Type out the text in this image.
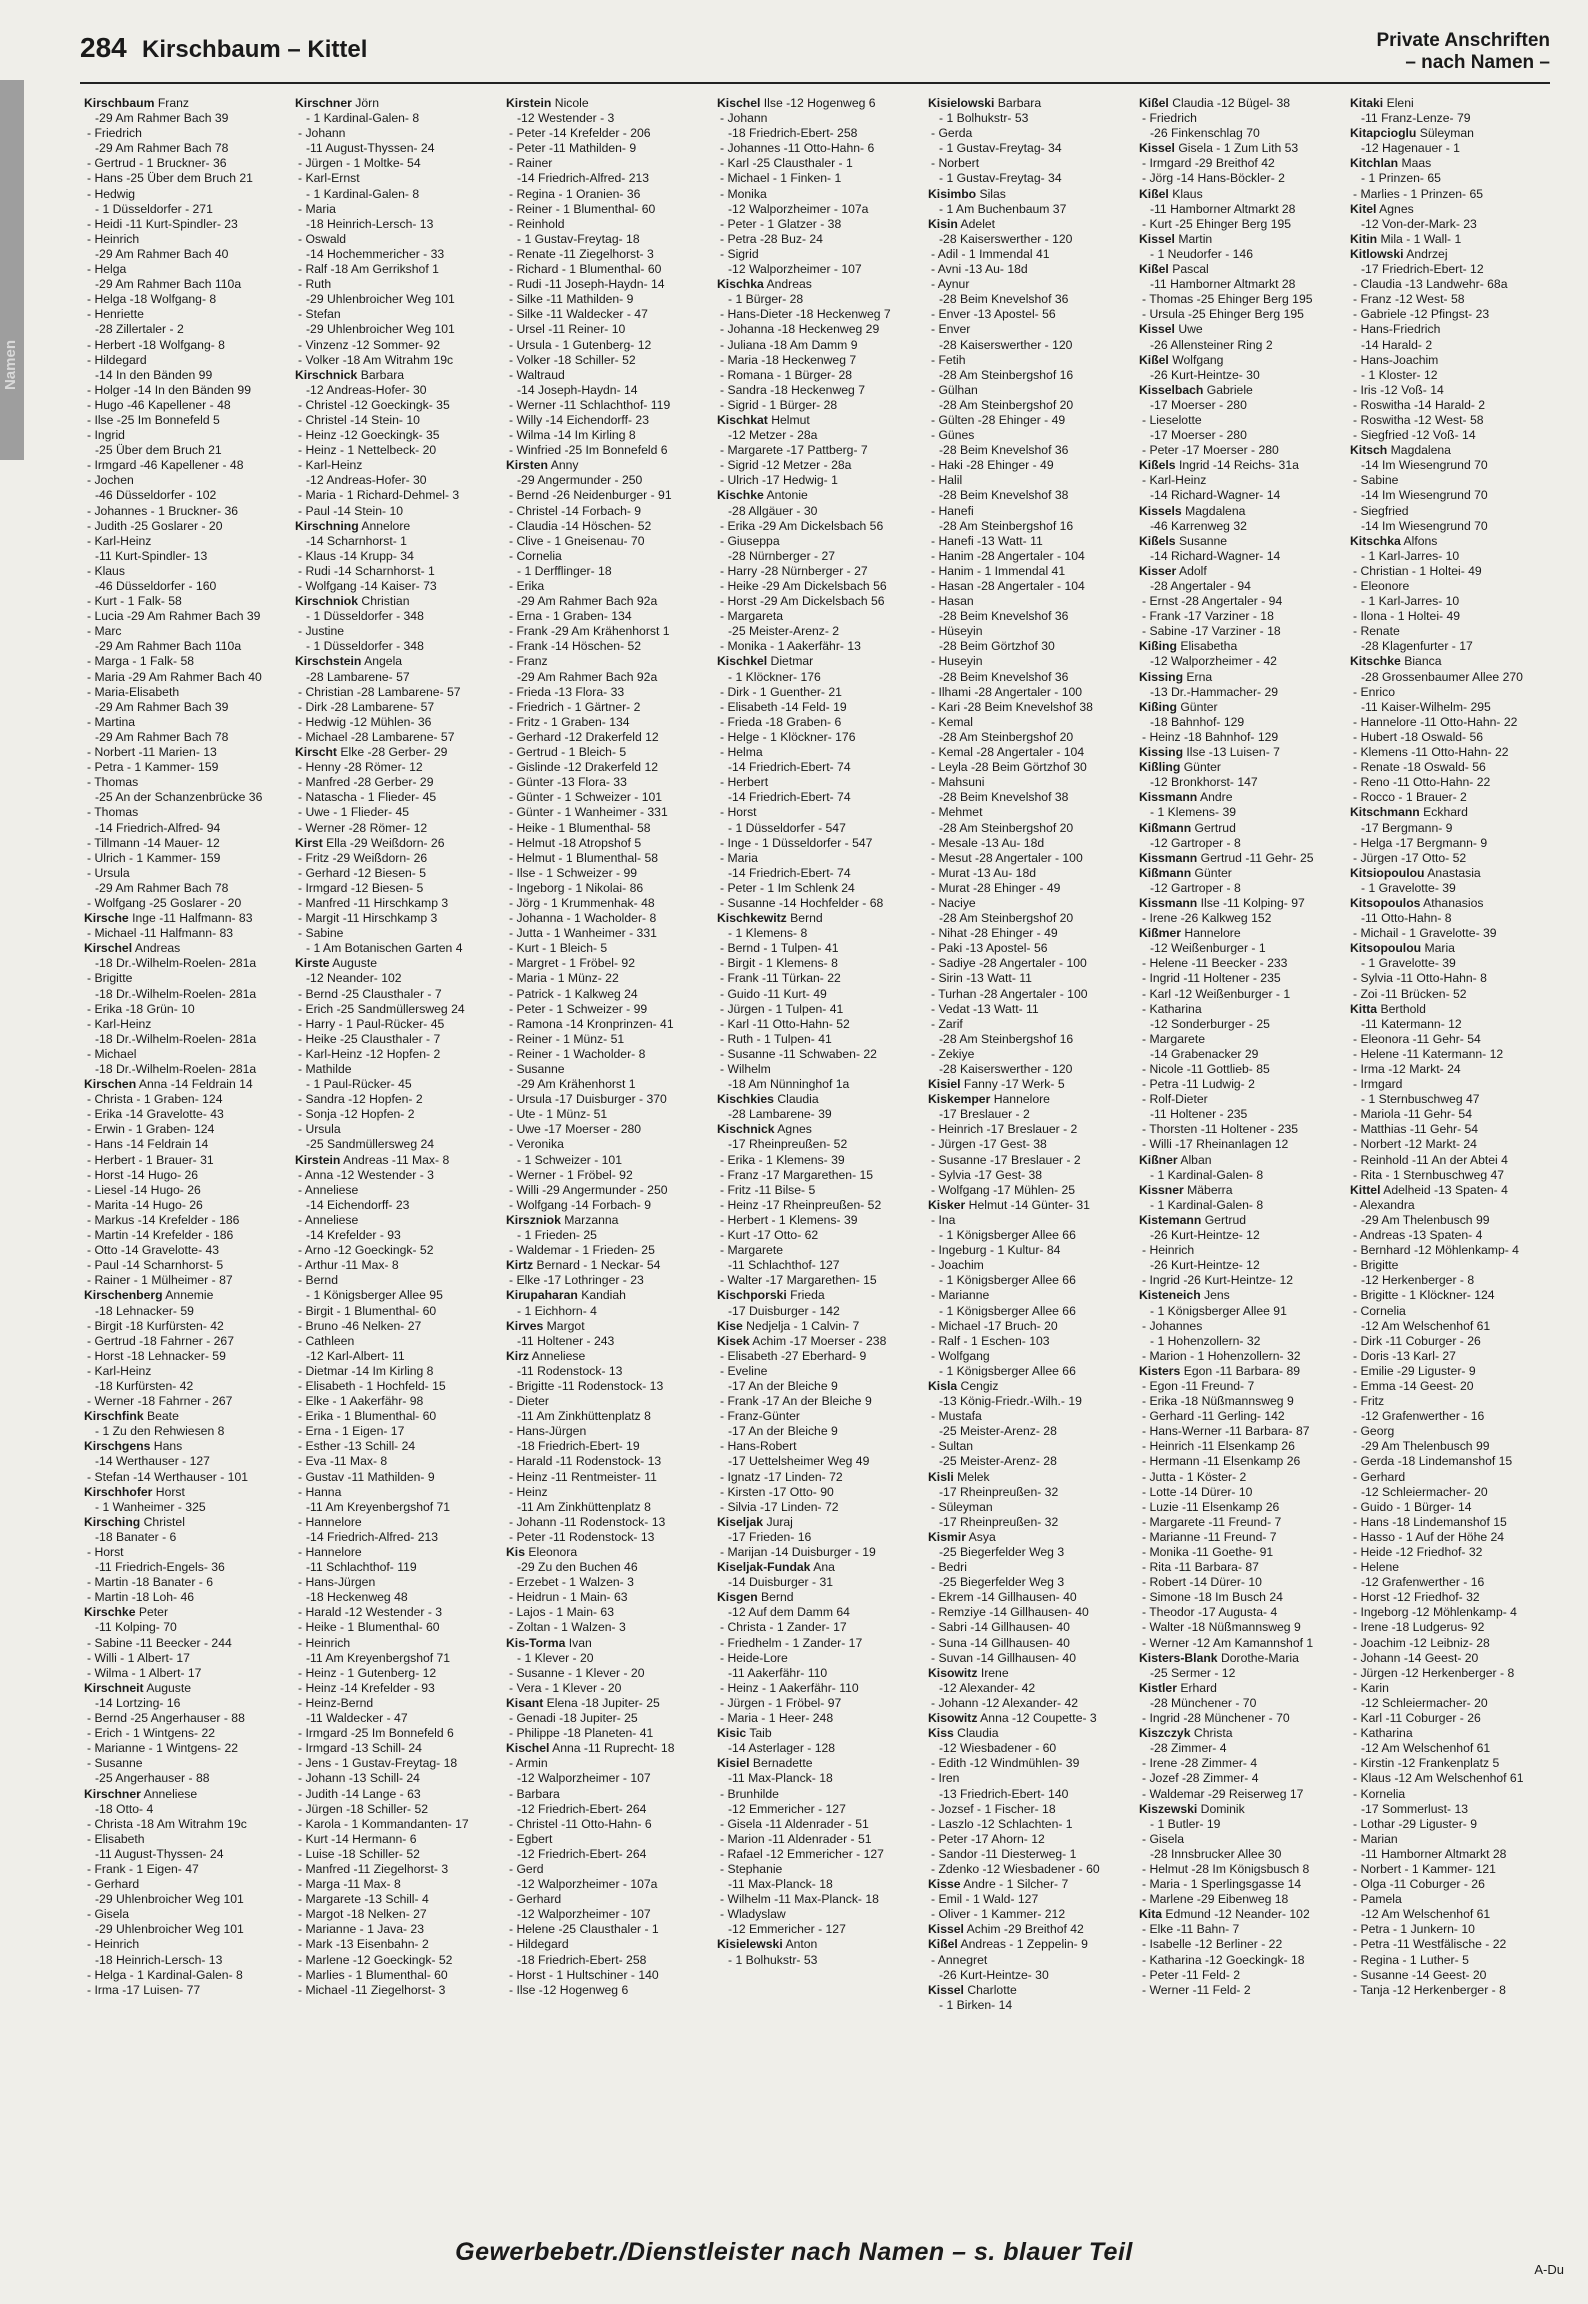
Namen
284 Kirschbaum – Kittel	Private Anschriften
– nach Namen –
Kirschbaum Franz
-29 Am Rahmer Bach 39
- Friedrich
-29 Am Rahmer Bach 78
- Gertrud - 1 Bruckner- 36
- Hans -25 Über dem Bruch 21
- Hedwig
- 1 Düsseldorfer - 271
- Heidi -11 Kurt-Spindler- 23
- Heinrich
-29 Am Rahmer Bach 40
- Helga
-29 Am Rahmer Bach 110a
- Helga -18 Wolfgang- 8
- Henriette
-28 Zillertaler - 2
- Herbert -18 Wolfgang- 8
- Hildegard
-14 In den Bänden 99
- Holger -14 In den Bänden 99
- Hugo -46 Kapellener - 48
- Ilse -25 Im Bonnefeld 5
- Ingrid
-25 Über dem Bruch 21
- Irmgard -46 Kapellener - 48
- Jochen
-46 Düsseldorfer - 102
- Johannes - 1 Bruckner- 36
- Judith -25 Goslarer - 20
- Karl-Heinz
-11 Kurt-Spindler- 13
- Klaus
-46 Düsseldorfer - 160
- Kurt - 1 Falk- 58
- Lucia -29 Am Rahmer Bach 39
- Marc
-29 Am Rahmer Bach 110a
- Marga - 1 Falk- 58
- Maria -29 Am Rahmer Bach 40
- Maria-Elisabeth
-29 Am Rahmer Bach 39
- Martina
-29 Am Rahmer Bach 78
- Norbert -11 Marien- 13
- Petra - 1 Kammer- 159
- Thomas
-25 An der Schanzenbrücke 36
- Thomas
-14 Friedrich-Alfred- 94
- Tillmann -14 Mauer- 12
- Ulrich - 1 Kammer- 159
- Ursula
-29 Am Rahmer Bach 78
- Wolfgang -25 Goslarer - 20
Kirsche Inge -11 Halfmann- 83
- Michael -11 Halfmann- 83
Kirschel Andreas
-18 Dr.-Wilhelm-Roelen- 281a
- Brigitte
-18 Dr.-Wilhelm-Roelen- 281a
- Erika -18 Grün- 10
- Karl-Heinz
-18 Dr.-Wilhelm-Roelen- 281a
- Michael
-18 Dr.-Wilhelm-Roelen- 281a
Kirschen Anna -14 Feldrain 14
- Christa - 1 Graben- 124
- Erika -14 Gravelotte- 43
- Erwin - 1 Graben- 124
- Hans -14 Feldrain 14
- Herbert - 1 Brauer- 31
- Horst -14 Hugo- 26
- Liesel -14 Hugo- 26
- Marita -14 Hugo- 26
- Markus -14 Krefelder - 186
- Martin -14 Krefelder - 186
- Otto -14 Gravelotte- 43
- Paul -14 Scharnhorst- 5
- Rainer - 1 Mülheimer - 87
Kirschenberg Annemie
-18 Lehnacker- 59
- Birgit -18 Kurfürsten- 42
- Gertrud -18 Fahrner - 267
- Horst -18 Lehnacker- 59
- Karl-Heinz
-18 Kurfürsten- 42
- Werner -18 Fahrner - 267
Kirschfink Beate
- 1 Zu den Rehwiesen 8
Kirschgens Hans
-14 Werthauser - 127
- Stefan -14 Werthauser - 101
Kirschhofer Horst
- 1 Wanheimer - 325
Kirsching Christel
-18 Banater - 6
- Horst
-11 Friedrich-Engels- 36
- Martin -18 Banater - 6
- Martin -18 Loh- 46
Kirschke Peter
-11 Kolping- 70
- Sabine -11 Beecker - 244
- Willi - 1 Albert- 17
- Wilma - 1 Albert- 17
Kirschneit Auguste
-14 Lortzing- 16
- Bernd -25 Angerhauser - 88
- Erich - 1 Wintgens- 22
- Marianne - 1 Wintgens- 22
- Susanne
-25 Angerhauser - 88
Kirschner Anneliese
-18 Otto- 4
- Christa -18 Am Witrahm 19c
- Elisabeth
-11 August-Thyssen- 24
- Frank - 1 Eigen- 47
- Gerhard
-29 Uhlenbroicher Weg 101
- Gisela
-29 Uhlenbroicher Weg 101
- Heinrich
-18 Heinrich-Lersch- 13
- Helga - 1 Kardinal-Galen- 8
- Irma -17 Luisen- 77
Kirschner Jörn
- 1 Kardinal-Galen- 8
- Johann
-11 August-Thyssen- 24
- Jürgen - 1 Moltke- 54
- Karl-Ernst
- 1 Kardinal-Galen- 8
- Maria
-18 Heinrich-Lersch- 13
- Oswald
-14 Hochemmericher - 33
- Ralf -18 Am Gerrikshof 1
- Ruth
-29 Uhlenbroicher Weg 101
- Stefan
-29 Uhlenbroicher Weg 101
- Vinzenz -12 Sommer- 92
- Volker -18 Am Witrahm 19c
Kirschnick Barbara
-12 Andreas-Hofer- 30
- Christel -12 Goeckingk- 35
- Christel -14 Stein- 10
- Heinz -12 Goeckingk- 35
- Heinz - 1 Nettelbeck- 20
- Karl-Heinz
-12 Andreas-Hofer- 30
- Maria - 1 Richard-Dehmel- 3
- Paul -14 Stein- 10
Kirschning Annelore
-14 Scharnhorst- 1
- Klaus -14 Krupp- 34
- Rudi -14 Scharnhorst- 1
- Wolfgang -14 Kaiser- 73
Kirschniok Christian
- 1 Düsseldorfer - 348
- Justine
- 1 Düsseldorfer - 348
Kirschstein Angela
-28 Lambarene- 57
- Christian -28 Lambarene- 57
- Dirk -28 Lambarene- 57
- Hedwig -12 Mühlen- 36
- Michael -28 Lambarene- 57
Kirscht Elke -28 Gerber- 29
- Henny -28 Römer- 12
- Manfred -28 Gerber- 29
- Natascha - 1 Flieder- 45
- Uwe - 1 Flieder- 45
- Werner -28 Römer- 12
Kirst Ella -29 Weißdorn- 26
- Fritz -29 Weißdorn- 26
- Gerhard -12 Biesen- 5
- Irmgard -12 Biesen- 5
- Manfred -11 Hirschkamp 3
- Margit -11 Hirschkamp 3
- Sabine
- 1 Am Botanischen Garten 4
Kirste Auguste
-12 Neander- 102
- Bernd -25 Clausthaler - 7
- Erich -25 Sandmüllersweg 24
- Harry - 1 Paul-Rücker- 45
- Heike -25 Clausthaler - 7
- Karl-Heinz -12 Hopfen- 2
- Mathilde
- 1 Paul-Rücker- 45
- Sandra -12 Hopfen- 2
- Sonja -12 Hopfen- 2
- Ursula
-25 Sandmüllersweg 24
Kirstein Andreas -11 Max- 8
- Anna -12 Westender - 3
- Anneliese
-14 Eichendorff- 23
- Anneliese
-14 Krefelder - 93
- Arno -12 Goeckingk- 52
- Arthur -11 Max- 8
- Bernd
- 1 Königsberger Allee 95
- Birgit - 1 Blumenthal- 60
- Bruno -46 Nelken- 27
- Cathleen
-12 Karl-Albert- 11
- Dietmar -14 Im Kirling 8
- Elisabeth - 1 Hochfeld- 15
- Elke - 1 Aakerfähr- 98
- Erika - 1 Blumenthal- 60
- Erna - 1 Eigen- 17
- Esther -13 Schill- 24
- Eva -11 Max- 8
- Gustav -11 Mathilden- 9
- Hanna
-11 Am Kreyenbergshof 71
- Hannelore
-14 Friedrich-Alfred- 213
- Hannelore
-11 Schlachthof- 119
- Hans-Jürgen
-18 Heckenweg 48
- Harald -12 Westender - 3
- Heike - 1 Blumenthal- 60
- Heinrich
-11 Am Kreyenbergshof 71
- Heinz - 1 Gutenberg- 12
- Heinz -14 Krefelder - 93
- Heinz-Bernd
-11 Waldecker - 47
- Irmgard -25 Im Bonnefeld 6
- Irmgard -13 Schill- 24
- Jens - 1 Gustav-Freytag- 18
- Johann -13 Schill- 24
- Judith -14 Lange - 63
- Jürgen -18 Schiller- 52
- Karola - 1 Kommandanten- 17
- Kurt -14 Hermann- 6
- Luise -18 Schiller- 52
- Manfred -11 Ziegelhorst- 3
- Marga -11 Max- 8
- Margarete -13 Schill- 4
- Margot -18 Nelken- 27
- Marianne - 1 Java- 23
- Mark -13 Eisenbahn- 2
- Marlene -12 Goeckingk- 52
- Marlies - 1 Blumenthal- 60
- Michael -11 Ziegelhorst- 3
Kirstein Nicole
-12 Westender - 3
- Peter -14 Krefelder - 206
- Peter -11 Mathilden- 9
- Rainer
-14 Friedrich-Alfred- 213
- Regina - 1 Oranien- 36
- Reiner - 1 Blumenthal- 60
- Reinhold
- 1 Gustav-Freytag- 18
- Renate -11 Ziegelhorst- 3
- Richard - 1 Blumenthal- 60
- Rudi -11 Joseph-Haydn- 14
- Silke -11 Mathilden- 9
- Silke -11 Waldecker - 47
- Ursel -11 Reiner- 10
- Ursula - 1 Gutenberg- 12
- Volker -18 Schiller- 52
- Waltraud
-14 Joseph-Haydn- 14
- Werner -11 Schlachthof- 119
- Willy -14 Eichendorff- 23
- Wilma -14 Im Kirling 8
- Winfried -25 Im Bonnefeld 6
Kirsten Anny
-29 Angermunder - 250
- Bernd -26 Neidenburger - 91
- Christel -14 Forbach- 9
- Claudia -14 Höschen- 52
- Clive - 1 Gneisenau- 70
- Cornelia
- 1 Derfflinger- 18
- Erika
-29 Am Rahmer Bach 92a
- Erna - 1 Graben- 134
- Frank -29 Am Krähenhorst 1
- Frank -14 Höschen- 52
- Franz
-29 Am Rahmer Bach 92a
- Frieda -13 Flora- 33
- Friedrich - 1 Gärtner- 2
- Fritz - 1 Graben- 134
- Gerhard -12 Drakerfeld 12
- Gertrud - 1 Bleich- 5
- Gislinde -12 Drakerfeld 12
- Günter -13 Flora- 33
- Günter - 1 Schweizer - 101
- Günter - 1 Wanheimer - 331
- Heike - 1 Blumenthal- 58
- Helmut -18 Atropshof 5
- Helmut - 1 Blumenthal- 58
- Ilse - 1 Schweizer - 99
- Ingeborg - 1 Nikolai- 86
- Jörg - 1 Krummenhak- 48
- Johanna - 1 Wacholder- 8
- Jutta - 1 Wanheimer - 331
- Kurt - 1 Bleich- 5
- Margret - 1 Fröbel- 92
- Maria - 1 Münz- 22
- Patrick - 1 Kalkweg 24
- Peter - 1 Schweizer - 99
- Ramona -14 Kronprinzen- 41
- Reiner - 1 Münz- 51
- Reiner - 1 Wacholder- 8
- Susanne
-29 Am Krähenhorst 1
- Ursula -17 Duisburger - 370
- Ute - 1 Münz- 51
- Uwe -17 Moerser - 280
- Veronika
- 1 Schweizer - 101
- Werner - 1 Fröbel- 92
- Willi -29 Angermunder - 250
- Wolfgang -14 Forbach- 9
Kirszniok Marzanna
- 1 Frieden- 25
- Waldemar - 1 Frieden- 25
Kirtz Bernard - 1 Neckar- 54
- Elke -17 Lothringer - 23
Kirupaharan Kandiah
- 1 Eichhorn- 4
Kirves Margot
-11 Holtener - 243
Kirz Anneliese
-11 Rodenstock- 13
- Brigitte -11 Rodenstock- 13
- Dieter
-11 Am Zinkhüttenplatz 8
- Hans-Jürgen
-18 Friedrich-Ebert- 19
- Harald -11 Rodenstock- 13
- Heinz -11 Rentmeister- 11
- Heinz
-11 Am Zinkhüttenplatz 8
- Johann -11 Rodenstock- 13
- Peter -11 Rodenstock- 13
Kis Eleonora
-29 Zu den Buchen 46
- Erzebet - 1 Walzen- 3
- Heidrun - 1 Main- 63
- Lajos - 1 Main- 63
- Zoltan - 1 Walzen- 3
Kis-Torma Ivan
- 1 Klever - 20
- Susanne - 1 Klever - 20
- Vera - 1 Klever - 20
Kisant Elena -18 Jupiter- 25
- Genadi -18 Jupiter- 25
- Philippe -18 Planeten- 41
Kischel Anna -11 Ruprecht- 18
- Armin
-12 Walporzheimer - 107
- Barbara
-12 Friedrich-Ebert- 264
- Christel -11 Otto-Hahn- 6
- Egbert
-12 Friedrich-Ebert- 264
- Gerd
-12 Walporzheimer - 107a
- Gerhard
-12 Walporzheimer - 107
- Helene -25 Clausthaler - 1
- Hildegard
-18 Friedrich-Ebert- 258
- Horst - 1 Hultschiner - 140
- Ilse -12 Hogenweg 6
Kischel Ilse -12 Hogenweg 6
- Johann
-18 Friedrich-Ebert- 258
- Johannes -11 Otto-Hahn- 6
- Karl -25 Clausthaler - 1
- Michael - 1 Finken- 1
- Monika
-12 Walporzheimer - 107a
- Peter - 1 Glatzer - 38
- Petra -28 Buz- 24
- Sigrid
-12 Walporzheimer - 107
Kischka Andreas
- 1 Bürger- 28
- Hans-Dieter -18 Heckenweg 7
- Johanna -18 Heckenweg 29
- Juliana -18 Am Damm 9
- Maria -18 Heckenweg 7
- Romana - 1 Bürger- 28
- Sandra -18 Heckenweg 7
- Sigrid - 1 Bürger- 28
Kischkat Helmut
-12 Metzer - 28a
- Margarete -17 Pattberg- 7
- Sigrid -12 Metzer - 28a
- Ulrich -17 Hedwig- 1
Kischke Antonie
-28 Allgäuer - 30
- Erika -29 Am Dickelsbach 56
- Giuseppa
-28 Nürnberger - 27
- Harry -28 Nürnberger - 27
- Heike -29 Am Dickelsbach 56
- Horst -29 Am Dickelsbach 56
- Margareta
-25 Meister-Arenz- 2
- Monika - 1 Aakerfähr- 13
Kischkel Dietmar
- 1 Klöckner- 176
- Dirk - 1 Guenther- 21
- Elisabeth -14 Feld- 19
- Frieda -18 Graben- 6
- Helge - 1 Klöckner- 176
- Helma
-14 Friedrich-Ebert- 74
- Herbert
-14 Friedrich-Ebert- 74
- Horst
- 1 Düsseldorfer - 547
- Inge - 1 Düsseldorfer - 547
- Maria
-14 Friedrich-Ebert- 74
- Peter - 1 Im Schlenk 24
- Susanne -14 Hochfelder - 68
Kischkewitz Bernd
- 1 Klemens- 8
- Bernd - 1 Tulpen- 41
- Birgit - 1 Klemens- 8
- Frank -11 Türkan- 22
- Guido -11 Kurt- 49
- Jürgen - 1 Tulpen- 41
- Karl -11 Otto-Hahn- 52
- Ruth - 1 Tulpen- 41
- Susanne -11 Schwaben- 22
- Wilhelm
-18 Am Nünninghof 1a
Kischkies Claudia
-28 Lambarene- 39
Kischnick Agnes
-17 Rheinpreußen- 52
- Erika - 1 Klemens- 39
- Franz -17 Margarethen- 15
- Fritz -11 Bilse- 5
- Heinz -17 Rheinpreußen- 52
- Herbert - 1 Klemens- 39
- Kurt -17 Otto- 62
- Margarete
-11 Schlachthof- 127
- Walter -17 Margarethen- 15
Kischporski Frieda
-17 Duisburger - 142
Kise Nedjelja - 1 Calvin- 7
Kisek Achim -17 Moerser - 238
- Elisabeth -27 Eberhard- 9
- Eveline
-17 An der Bleiche 9
- Frank -17 An der Bleiche 9
- Franz-Günter
-17 An der Bleiche 9
- Hans-Robert
-17 Uettelsheimer Weg 49
- Ignatz -17 Linden- 72
- Kirsten -17 Otto- 90
- Silvia -17 Linden- 72
Kiseljak Juraj
-17 Frieden- 16
- Marijan -14 Duisburger - 19
Kiseljak-Fundak Ana
-14 Duisburger - 31
Kisgen Bernd
-12 Auf dem Damm 64
- Christa - 1 Zander- 17
- Friedhelm - 1 Zander- 17
- Heide-Lore
-11 Aakerfähr- 110
- Heinz - 1 Aakerfähr- 110
- Jürgen - 1 Fröbel- 97
- Maria - 1 Heer- 248
Kisic Taib
-14 Asterlager - 128
Kisiel Bernadette
-11 Max-Planck- 18
- Brunhilde
-12 Emmericher - 127
- Gisela -11 Aldenrader - 51
- Marion -11 Aldenrader - 51
- Rafael -12 Emmericher - 127
- Stephanie
-11 Max-Planck- 18
- Wilhelm -11 Max-Planck- 18
- Wladyslaw
-12 Emmericher - 127
Kisielewski Anton
- 1 Bolhukstr- 53
Kisielowski Barbara
- 1 Bolhukstr- 53
- Gerda
- 1 Gustav-Freytag- 34
- Norbert
- 1 Gustav-Freytag- 34
Kisimbo Silas
- 1 Am Buchenbaum 37
Kisin Adelet
-28 Kaiserswerther - 120
- Adil - 1 Immendal 41
- Avni -13 Au- 18d
- Aynur
-28 Beim Knevelshof 36
- Enver -13 Apostel- 56
- Enver
-28 Kaiserswerther - 120
- Fetih
-28 Am Steinbergshof 16
- Gülhan
-28 Am Steinbergshof 20
- Gülten -28 Ehinger - 49
- Günes
-28 Beim Knevelshof 36
- Haki -28 Ehinger - 49
- Halil
-28 Beim Knevelshof 38
- Hanefi
-28 Am Steinbergshof 16
- Hanefi -13 Watt- 11
- Hanim -28 Angertaler - 104
- Hanim - 1 Immendal 41
- Hasan -28 Angertaler - 104
- Hasan
-28 Beim Knevelshof 36
- Hüseyin
-28 Beim Görtzhof 30
- Huseyin
-28 Beim Knevelshof 36
- Ilhami -28 Angertaler - 100
- Kari -28 Beim Knevelshof 38
- Kemal
-28 Am Steinbergshof 20
- Kemal -28 Angertaler - 104
- Leyla -28 Beim Görtzhof 30
- Mahsuni
-28 Beim Knevelshof 38
- Mehmet
-28 Am Steinbergshof 20
- Mesale -13 Au- 18d
- Mesut -28 Angertaler - 100
- Murat -13 Au- 18d
- Murat -28 Ehinger - 49
- Naciye
-28 Am Steinbergshof 20
- Nihat -28 Ehinger - 49
- Paki -13 Apostel- 56
- Sadiye -28 Angertaler - 100
- Sirin -13 Watt- 11
- Turhan -28 Angertaler - 100
- Vedat -13 Watt- 11
- Zarif
-28 Am Steinbergshof 16
- Zekiye
-28 Kaiserswerther - 120
Kisiel Fanny -17 Werk- 5
Kiskemper Hannelore
-17 Breslauer - 2
- Heinrich -17 Breslauer - 2
- Jürgen -17 Gest- 38
- Susanne -17 Breslauer - 2
- Sylvia -17 Gest- 38
- Wolfgang -17 Mühlen- 25
Kisker Helmut -14 Günter- 31
- Ina
- 1 Königsberger Allee 66
- Ingeburg - 1 Kultur- 84
- Joachim
- 1 Königsberger Allee 66
- Marianne
- 1 Königsberger Allee 66
- Michael -17 Bruch- 20
- Ralf - 1 Eschen- 103
- Wolfgang
- 1 Königsberger Allee 66
Kisla Cengiz
-13 König-Friedr.-Wilh.- 19
- Mustafa
-25 Meister-Arenz- 28
- Sultan
-25 Meister-Arenz- 28
Kisli Melek
-17 Rheinpreußen- 32
- Süleyman
-17 Rheinpreußen- 32
Kismir Asya
-25 Biegerfelder Weg 3
- Bedri
-25 Biegerfelder Weg 3
- Ekrem -14 Gillhausen- 40
- Remziye -14 Gillhausen- 40
- Sabri -14 Gillhausen- 40
- Suna -14 Gillhausen- 40
- Suvan -14 Gillhausen- 40
Kisowitz Irene
-12 Alexander- 42
- Johann -12 Alexander- 42
Kisowitz Anna -12 Coupette- 3
Kiss Claudia
-12 Wiesbadener - 60
- Edith -12 Windmühlen- 39
- Iren
-13 Friedrich-Ebert- 140
- Jozsef - 1 Fischer- 18
- Laszlo -12 Schlachten- 1
- Peter -17 Ahorn- 12
- Sandor -11 Diesterweg- 1
- Zdenko -12 Wiesbadener - 60
Kisse Andre - 1 Silcher- 7
- Emil - 1 Wald- 127
- Oliver - 1 Kammer- 212
Kissel Achim -29 Breithof 42
Kißel Andreas - 1 Zeppelin- 9
- Annegret
-26 Kurt-Heintze- 30
Kissel Charlotte
- 1 Birken- 14
Kißel Claudia -12 Bügel- 38
- Friedrich
-26 Finkenschlag 70
Kissel Gisela - 1 Zum Lith 53
- Irmgard -29 Breithof 42
- Jörg -14 Hans-Böckler- 2
Kißel Klaus
-11 Hamborner Altmarkt 28
- Kurt -25 Ehinger Berg 195
Kissel Martin
- 1 Neudorfer - 146
Kißel Pascal
-11 Hamborner Altmarkt 28
- Thomas -25 Ehinger Berg 195
- Ursula -25 Ehinger Berg 195
Kissel Uwe
-26 Allensteiner Ring 2
Kißel Wolfgang
-26 Kurt-Heintze- 30
Kisselbach Gabriele
-17 Moerser - 280
- Lieselotte
-17 Moerser - 280
- Peter -17 Moerser - 280
Kißels Ingrid -14 Reichs- 31a
- Karl-Heinz
-14 Richard-Wagner- 14
Kissels Magdalena
-46 Karrenweg 32
Kißels Susanne
-14 Richard-Wagner- 14
Kisser Adolf
-28 Angertaler - 94
- Ernst -28 Angertaler - 94
- Frank -17 Varziner - 18
- Sabine -17 Varziner - 18
Kißing Elisabetha
-12 Walporzheimer - 42
Kissing Erna
-13 Dr.-Hammacher- 29
Kißing Günter
-18 Bahnhof- 129
- Heinz -18 Bahnhof- 129
Kissing Ilse -13 Luisen- 7
Kißling Günter
-12 Bronkhorst- 147
Kissmann Andre
- 1 Klemens- 39
Kißmann Gertrud
-12 Gartroper - 8
Kissmann Gertrud -11 Gehr- 25
Kißmann Günter
-12 Gartroper - 8
Kissmann Ilse -11 Kolping- 97
- Irene -26 Kalkweg 152
Kißmer Hannelore
-12 Weißenburger - 1
- Helene -11 Beecker - 233
- Ingrid -11 Holtener - 235
- Karl -12 Weißenburger - 1
- Katharina
-12 Sonderburger - 25
- Margarete
-14 Grabenacker 29
- Nicole -11 Gottlieb- 85
- Petra -11 Ludwig- 2
- Rolf-Dieter
-11 Holtener - 235
- Thorsten -11 Holtener - 235
- Willi -17 Rheinanlagen 12
Kißner Alban
- 1 Kardinal-Galen- 8
Kissner Mäberra
- 1 Kardinal-Galen- 8
Kistemann Gertrud
-26 Kurt-Heintze- 12
- Heinrich
-26 Kurt-Heintze- 12
- Ingrid -26 Kurt-Heintze- 12
Kisteneich Jens
- 1 Königsberger Allee 91
- Johannes
- 1 Hohenzollern- 32
- Marion - 1 Hohenzollern- 32
Kisters Egon -11 Barbara- 89
- Egon -11 Freund- 7
- Erika -18 Nüßmannsweg 9
- Gerhard -11 Gerling- 142
- Hans-Werner -11 Barbara- 87
- Heinrich -11 Elsenkamp 26
- Hermann -11 Elsenkamp 26
- Jutta - 1 Köster- 2
- Lotte -14 Dürer- 10
- Luzie -11 Elsenkamp 26
- Margarete -11 Freund- 7
- Marianne -11 Freund- 7
- Monika -11 Goethe- 91
- Rita -11 Barbara- 87
- Robert -14 Dürer- 10
- Simone -18 Im Busch 24
- Theodor -17 Augusta- 4
- Walter -18 Nüßmannsweg 9
- Werner -12 Am Kamannshof 1
Kisters-Blank Dorothe-Maria
-25 Sermer - 12
Kistler Erhard
-28 Münchener - 70
- Ingrid -28 Münchener - 70
Kiszczyk Christa
-28 Zimmer- 4
- Irene -28 Zimmer- 4
- Jozef -28 Zimmer- 4
- Waldemar -29 Reiserweg 17
Kiszewski Dominik
- 1 Butler- 19
- Gisela
-28 Innsbrucker Allee 30
- Helmut -28 Im Königsbusch 8
- Maria - 1 Sperlingsgasse 14
- Marlene -29 Eibenweg 18
Kita Edmund -12 Neander- 102
- Elke -11 Bahn- 7
- Isabelle -12 Berliner - 22
- Katharina -12 Goeckingk- 18
- Peter -11 Feld- 2
- Werner -11 Feld- 2
Kitaki Eleni
-11 Franz-Lenze- 79
Kitapcioglu Süleyman
-12 Hagenauer - 1
Kitchlan Maas
- 1 Prinzen- 65
- Marlies - 1 Prinzen- 65
Kitel Agnes
-12 Von-der-Mark- 23
Kitin Mila - 1 Wall- 1
Kitlowski Andrzej
-17 Friedrich-Ebert- 12
- Claudia -13 Landwehr- 68a
- Franz -12 West- 58
- Gabriele -12 Pfingst- 23
- Hans-Friedrich
-14 Harald- 2
- Hans-Joachim
- 1 Kloster- 12
- Iris -12 Voß- 14
- Roswitha -14 Harald- 2
- Roswitha -12 West- 58
- Siegfried -12 Voß- 14
Kitsch Magdalena
-14 Im Wiesengrund 70
- Sabine
-14 Im Wiesengrund 70
- Siegfried
-14 Im Wiesengrund 70
Kitschka Alfons
- 1 Karl-Jarres- 10
- Christian - 1 Holtei- 49
- Eleonore
- 1 Karl-Jarres- 10
- Ilona - 1 Holtei- 49
- Renate
-28 Klagenfurter - 17
Kitschke Bianca
-28 Grossenbaumer Allee 270
- Enrico
-11 Kaiser-Wilhelm- 295
- Hannelore -11 Otto-Hahn- 22
- Hubert -18 Oswald- 56
- Klemens -11 Otto-Hahn- 22
- Renate -18 Oswald- 56
- Reno -11 Otto-Hahn- 22
- Rocco - 1 Brauer- 2
Kitschmann Eckhard
-17 Bergmann- 9
- Helga -17 Bergmann- 9
- Jürgen -17 Otto- 52
Kitsiopoulou Anastasia
- 1 Gravelotte- 39
Kitsopoulos Athanasios
-11 Otto-Hahn- 8
- Michail - 1 Gravelotte- 39
Kitsopoulou Maria
- 1 Gravelotte- 39
- Sylvia -11 Otto-Hahn- 8
- Zoi -11 Brücken- 52
Kitta Berthold
-11 Katermann- 12
- Eleonora -11 Gehr- 54
- Helene -11 Katermann- 12
- Irma -12 Markt- 24
- Irmgard
- 1 Sternbuschweg 47
- Mariola -11 Gehr- 54
- Matthias -11 Gehr- 54
- Norbert -12 Markt- 24
- Reinhold -11 An der Abtei 4
- Rita - 1 Sternbuschweg 47
Kittel Adelheid -13 Spaten- 4
- Alexandra
-29 Am Thelenbusch 99
- Andreas -13 Spaten- 4
- Bernhard -12 Möhlenkamp- 4
- Brigitte
-12 Herkenberger - 8
- Brigitte - 1 Klöckner- 124
- Cornelia
-12 Am Welschenhof 61
- Dirk -11 Coburger - 26
- Doris -13 Karl- 27
- Emilie -29 Liguster- 9
- Emma -14 Geest- 20
- Fritz
-12 Grafenwerther - 16
- Georg
-29 Am Thelenbusch 99
- Gerda -18 Lindemanshof 15
- Gerhard
-12 Schleiermacher- 20
- Guido - 1 Bürger- 14
- Hans -18 Lindemanshof 15
- Hasso - 1 Auf der Höhe 24
- Heide -12 Friedhof- 32
- Helene
-12 Grafenwerther - 16
- Horst -12 Friedhof- 32
- Ingeborg -12 Möhlenkamp- 4
- Irene -18 Ludgerus- 92
- Joachim -12 Leibniz- 28
- Johann -14 Geest- 20
- Jürgen -12 Herkenberger - 8
- Karin
-12 Schleiermacher- 20
- Karl -11 Coburger - 26
- Katharina
-12 Am Welschenhof 61
- Kirstin -12 Frankenplatz 5
- Klaus -12 Am Welschenhof 61
- Kornelia
-17 Sommerlust- 13
- Lothar -29 Liguster- 9
- Marian
-11 Hamborner Altmarkt 28
- Norbert - 1 Kammer- 121
- Olga -11 Coburger - 26
- Pamela
-12 Am Welschenhof 61
- Petra - 1 Junkern- 10
- Petra -11 Westfälische - 22
- Regina - 1 Luther- 5
- Susanne -14 Geest- 20
- Tanja -12 Herkenberger - 8
Gewerbebetr./Dienstleister nach Namen – s. blauer Teil
A-Du
